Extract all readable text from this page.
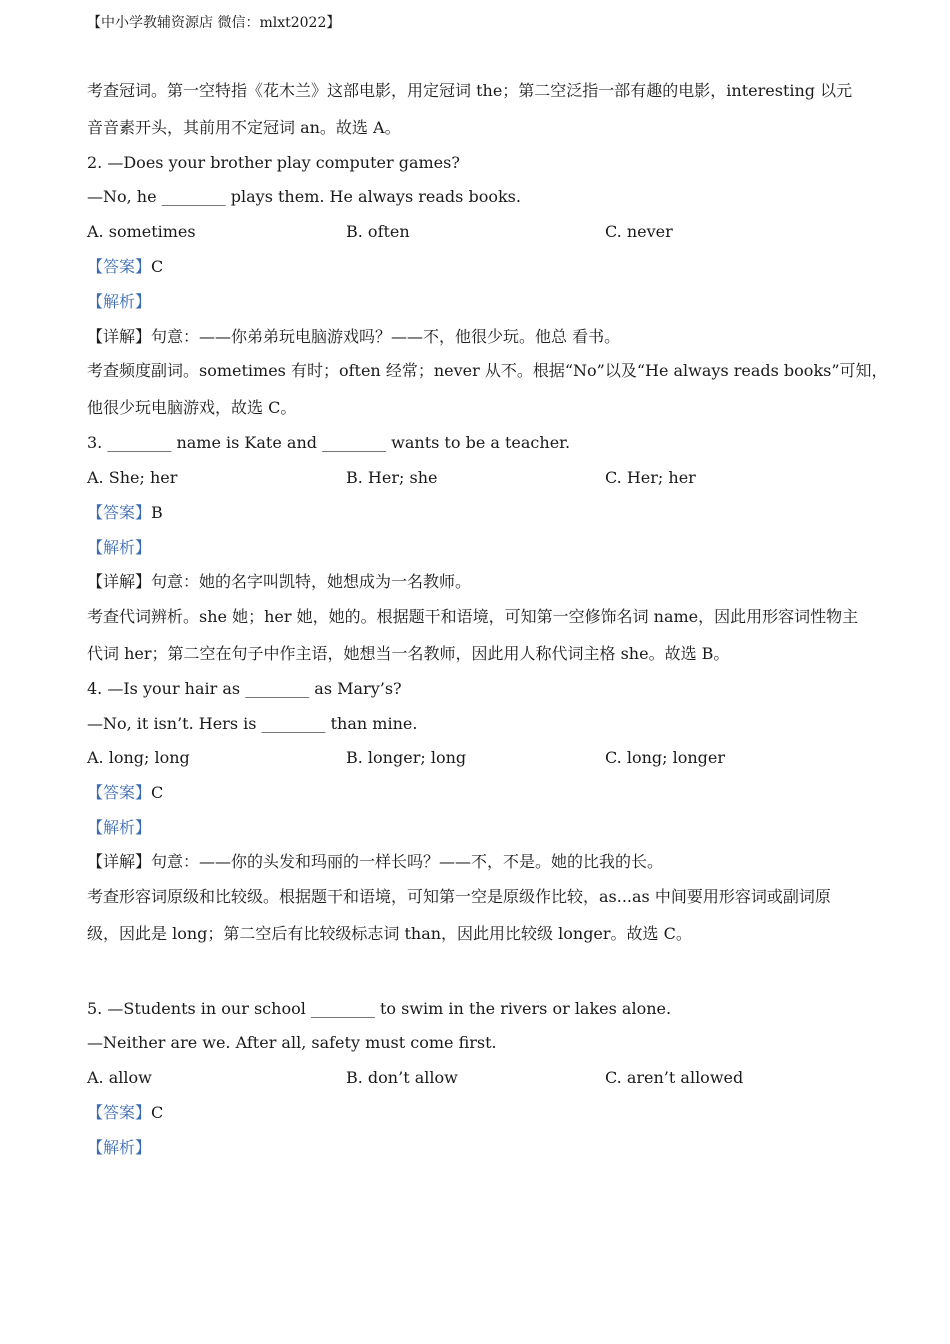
【中小学教辅资源店 微信：mlxt2022】
考查冠词。第一空特指《花木兰》这部电影，用定冠词 the；第二空泛指一部有趣的电影，interesting 以元
音音素开头，其前用不定冠词 an。故选 A。
2. —Does your brother play computer games?
—No, he ________ plays them. He always reads books.
A. sometimes	B. often	C. never
【答案】C
【解析】
【详解】句意：——你弟弟玩电脑游戏吗？——不，他很少玩。他总 看书。
考查频度副词。sometimes 有时；often 经常；never 从不。根据“No”以及“He always reads books”可知，
他很少玩电脑游戏，故选 C。
3. ________ name is Kate and ________ wants to be a teacher.
A. She; her	B. Her; she	C. Her; her
【答案】B
【解析】
【详解】句意：她的名字叫凯特，她想成为一名教师。
考查代词辨析。she 她；her 她，她的。根据题干和语境，可知第一空修饰名词 name，因此用形容词性物主
代词 her；第二空在句子中作主语，她想当一名教师，因此用人称代词主格 she。故选 B。
4. —Is your hair as ________ as Mary’s?
—No, it isn’t. Hers is ________ than mine.
A. long; long	B. longer; long	C. long; longer
【答案】C
【解析】
【详解】句意：——你的头发和玛丽的一样长吗？——不，不是。她的比我的长。
考查形容词原级和比较级。根据题干和语境，可知第一空是原级作比较，as...as 中间要用形容词或副词原
级，因此是 long；第二空后有比较级标志词 than，因此用比较级 longer。故选 C。
5. —Students in our school ________ to swim in the rivers or lakes alone.
—Neither are we. After all, safety must come first.
A. allow	B. don’t allow	C. aren’t allowed
【答案】C
【解析】
